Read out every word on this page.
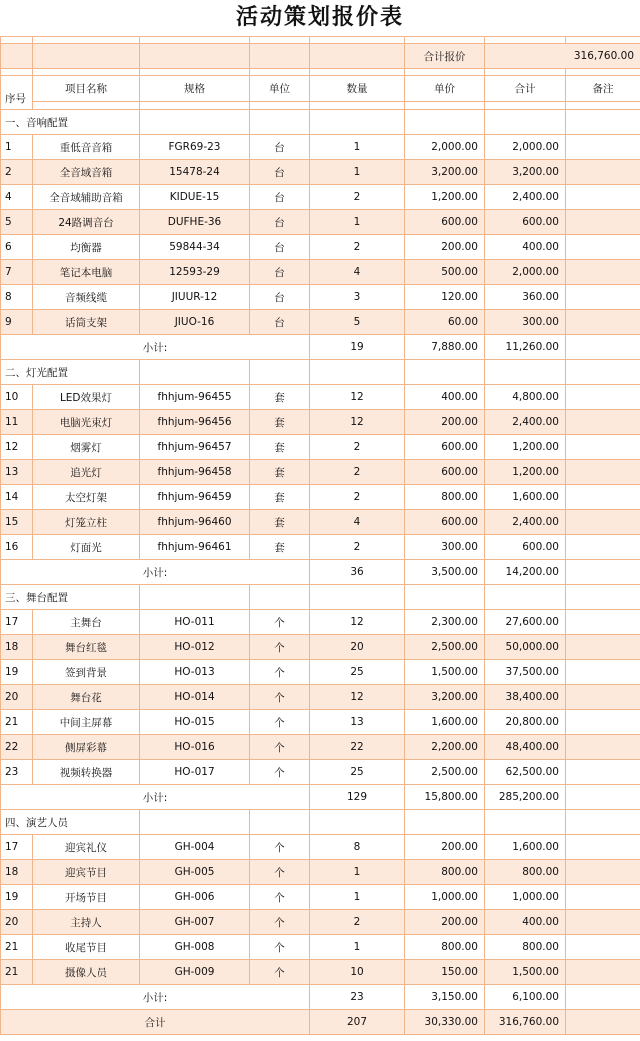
活动策划报价表

					合计报价	316,760.00	

序号	项目名称	规格	单位	数量	单价	合计	备注

一、音响配置							
1	重低音音箱	FGR69-23	台	1	2,000.00	2,000.00	
2	全音域音箱	15478-24	台	1	3,200.00	3,200.00	
4	全音域辅助音箱	KIDUE-15	台	2	1,200.00	2,400.00	
5	24路调音台	DUFHE-36	台	1	600.00	600.00	
6	均衡器	59844-34	台	2	200.00	400.00	
7	笔记本电脑	12593-29	台	4	500.00	2,000.00	
8	音频线缆	JIUUR-12	台	3	120.00	360.00	
9	话筒支架	JIUO-16	台	5	60.00	300.00	
小计:				19	7,880.00	11,260.00	
二、灯光配置							
10	LED效果灯	fhhjum-96455	套	12	400.00	4,800.00	
11	电脑光束灯	fhhjum-96456	套	12	200.00	2,400.00	
12	烟雾灯	fhhjum-96457	套	2	600.00	1,200.00	
13	追光灯	fhhjum-96458	套	2	600.00	1,200.00	
14	太空灯架	fhhjum-96459	套	2	800.00	1,600.00	
15	灯笼立柱	fhhjum-96460	套	4	600.00	2,400.00	
16	灯面光	fhhjum-96461	套	2	300.00	600.00	
小计:				36	3,500.00	14,200.00	
三、舞台配置							
17	主舞台	HO-011	个	12	2,300.00	27,600.00	
18	舞台红毯	HO-012	个	20	2,500.00	50,000.00	
19	签到背景	HO-013	个	25	1,500.00	37,500.00	
20	舞台花	HO-014	个	12	3,200.00	38,400.00	
21	中间主屏幕	HO-015	个	13	1,600.00	20,800.00	
22	侧屏彩幕	HO-016	个	22	2,200.00	48,400.00	
23	视频转换器	HO-017	个	25	2,500.00	62,500.00	
小计:				129	15,800.00	285,200.00	
四、演艺人员							
17	迎宾礼仪	GH-004	个	8	200.00	1,600.00	
18	迎宾节目	GH-005	个	1	800.00	800.00	
19	开场节目	GH-006	个	1	1,000.00	1,000.00	
20	主持人	GH-007	个	2	200.00	400.00	
21	收尾节目	GH-008	个	1	800.00	800.00	
21	摄像人员	GH-009	个	10	150.00	1,500.00	
小计:				23	3,150.00	6,100.00	
合计				207	30,330.00	316,760.00	
